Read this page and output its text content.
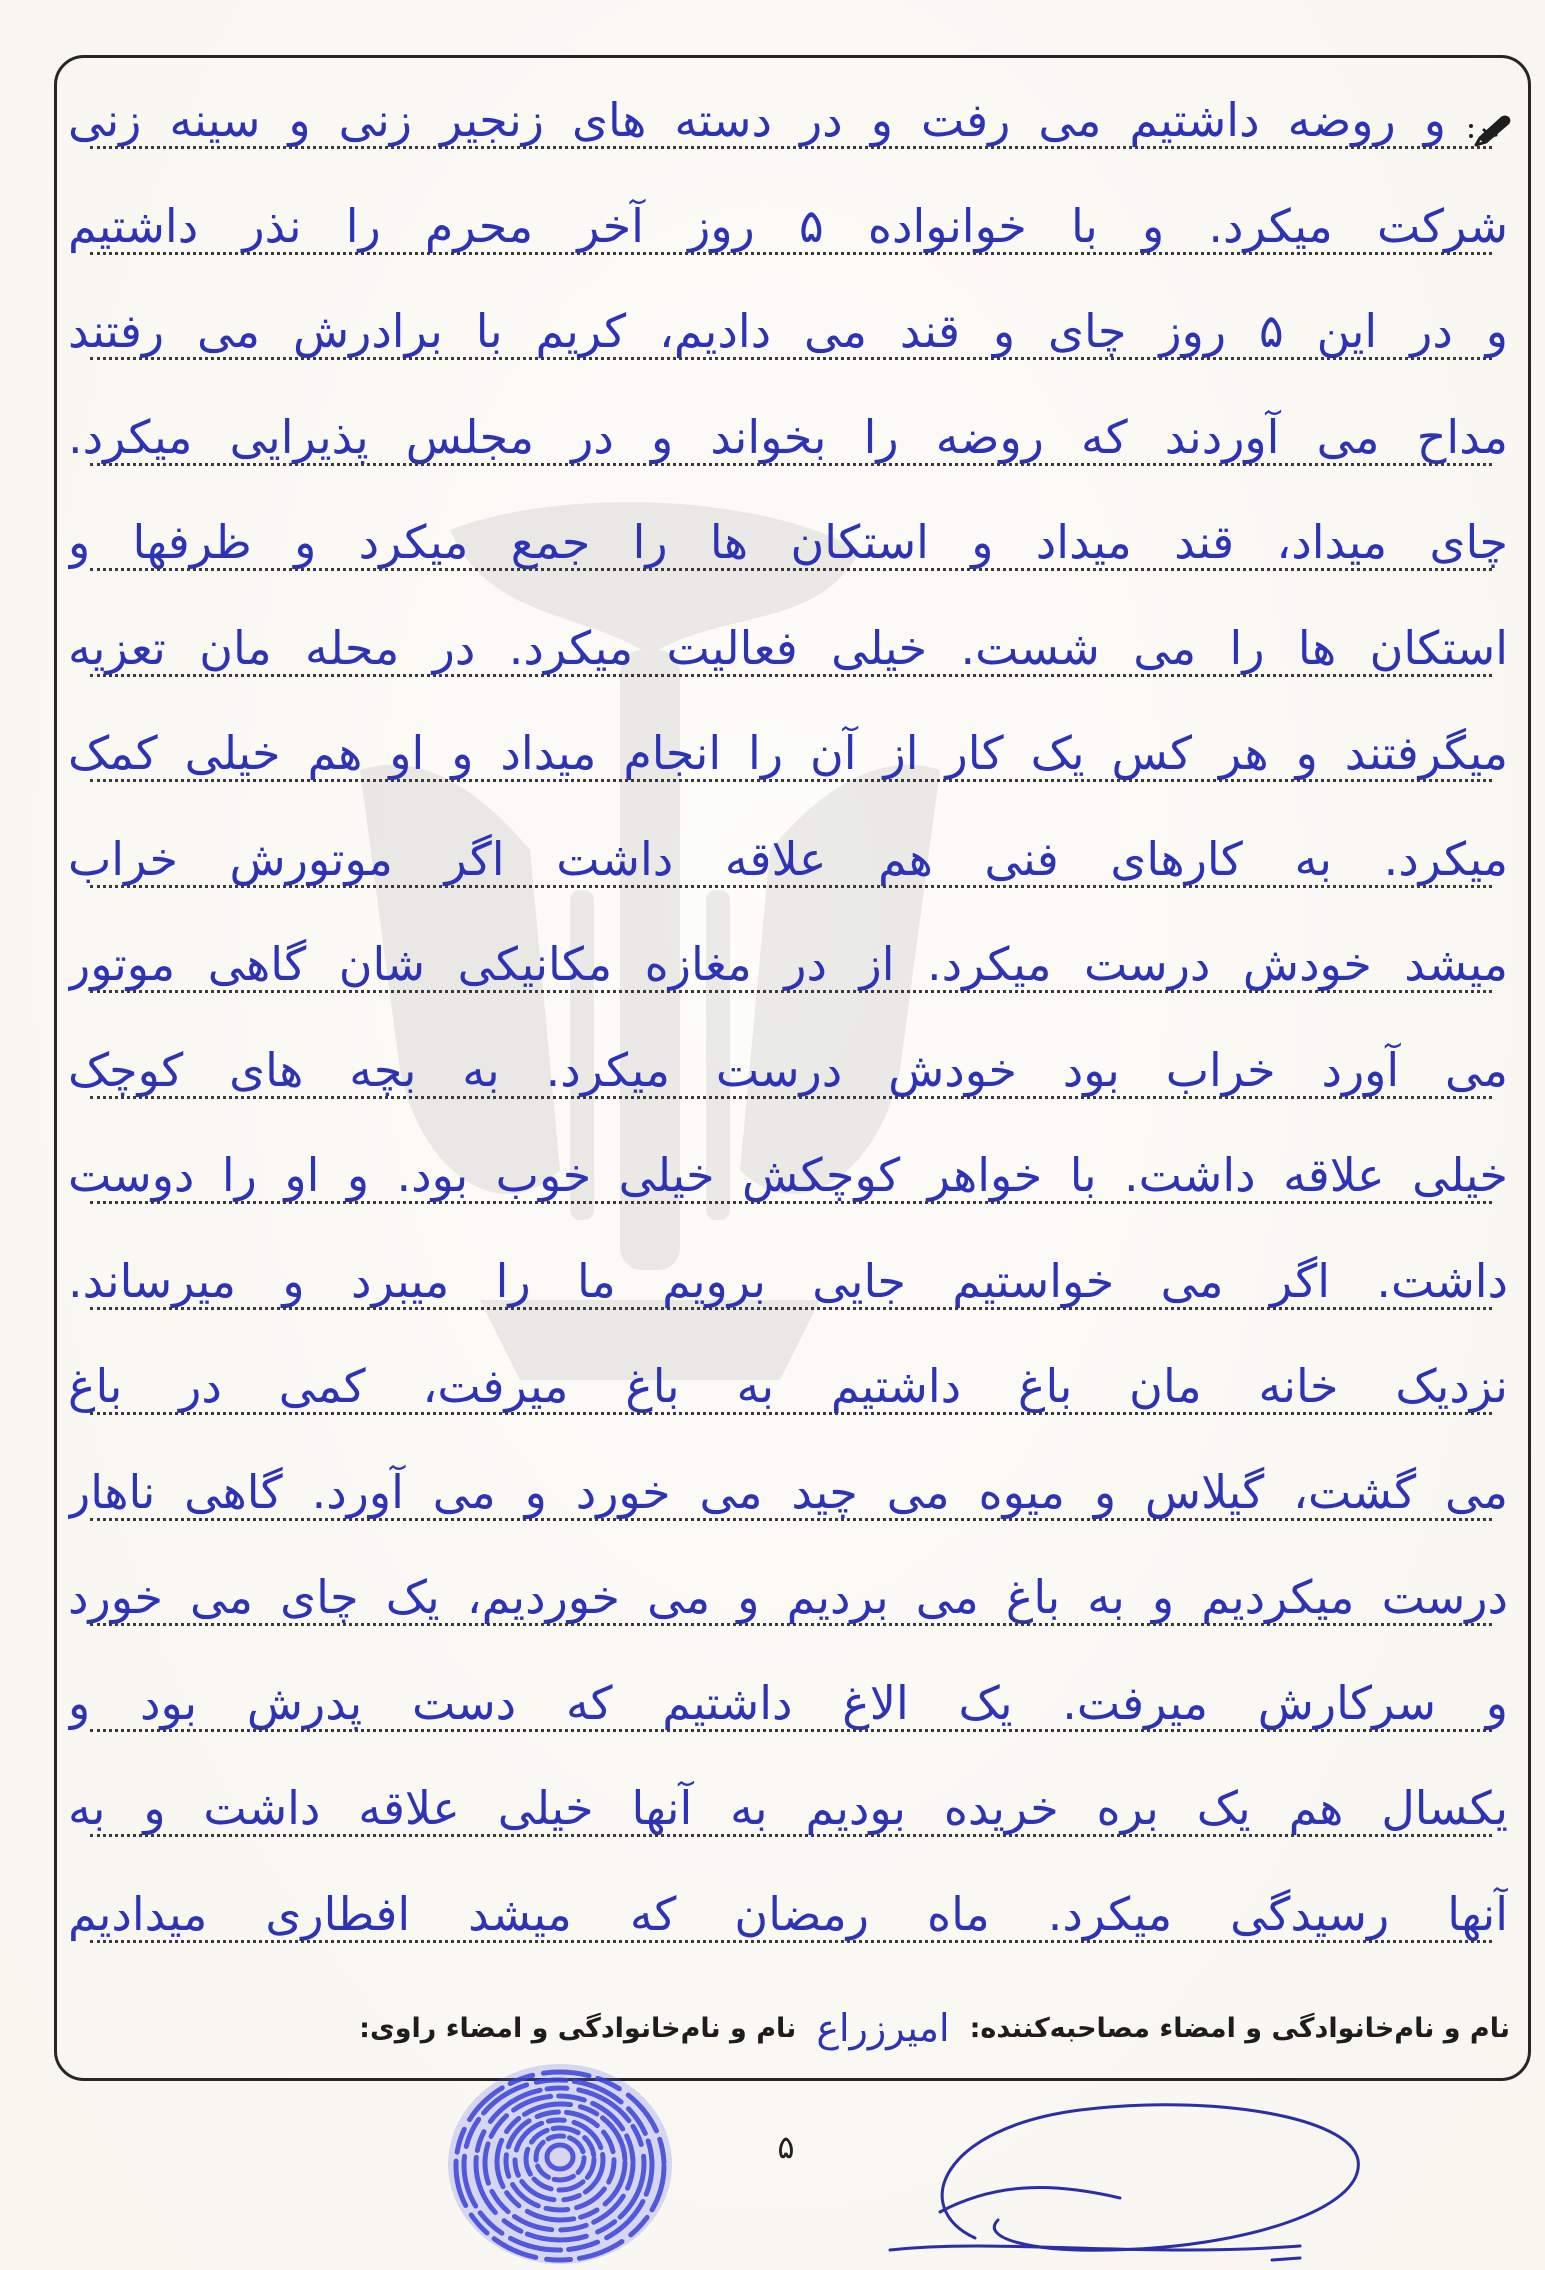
و روضه داشتیم می رفت و در دسته های زنجیر زنی و سینه زنی
شرکت میکرد. و با خوانواده ۵ روز آخر محرم را نذر داشتیم
و در این ۵ روز چای و قند می دادیم، کریم با برادرش می رفتند
مداح می آوردند که روضه را بخواند و در مجلس پذیرایی میکرد.
چای میداد، قند میداد و استکان ها را جمع میکرد و ظرفها و
استکان ها را می شست. خیلی فعالیت میکرد. در محله مان تعزیه
میگرفتند و هر کس یک کار از آن را انجام میداد و او هم خیلی کمک
میکرد. به کارهای فنی هم علاقه داشت اگر موتورش خراب
میشد خودش درست میکرد. از در مغازه مکانیکی شان گاهی موتور
می آورد خراب بود خودش درست میکرد. به بچه های کوچک
خیلی علاقه داشت. با خواهر کوچکش خیلی خوب بود. و او را دوست
داشت. اگر می خواستیم جایی برویم ما را میبرد و میرساند.
نزدیک خانه مان باغ داشتیم به باغ میرفت، کمی در باغ
می گشت، گیلاس و میوه می چید می خورد و می آورد. گاهی ناهار
درست میکردیم و به باغ می بردیم و می خوردیم، یک چای می خورد
و سرکارش میرفت. یک الاغ داشتیم که دست پدرش بود و
یکسال هم یک بره خریده بودیم به آنها خیلی علاقه داشت و به
آنها رسیدگی میکرد. ماه رمضان که میشد افطاری میدادیم
نام و نام‌خانوادگی و امضاء مصاحبه‌کننده:
امیرزراع
نام و نام‌خانوادگی و امضاء راوی:
۵
